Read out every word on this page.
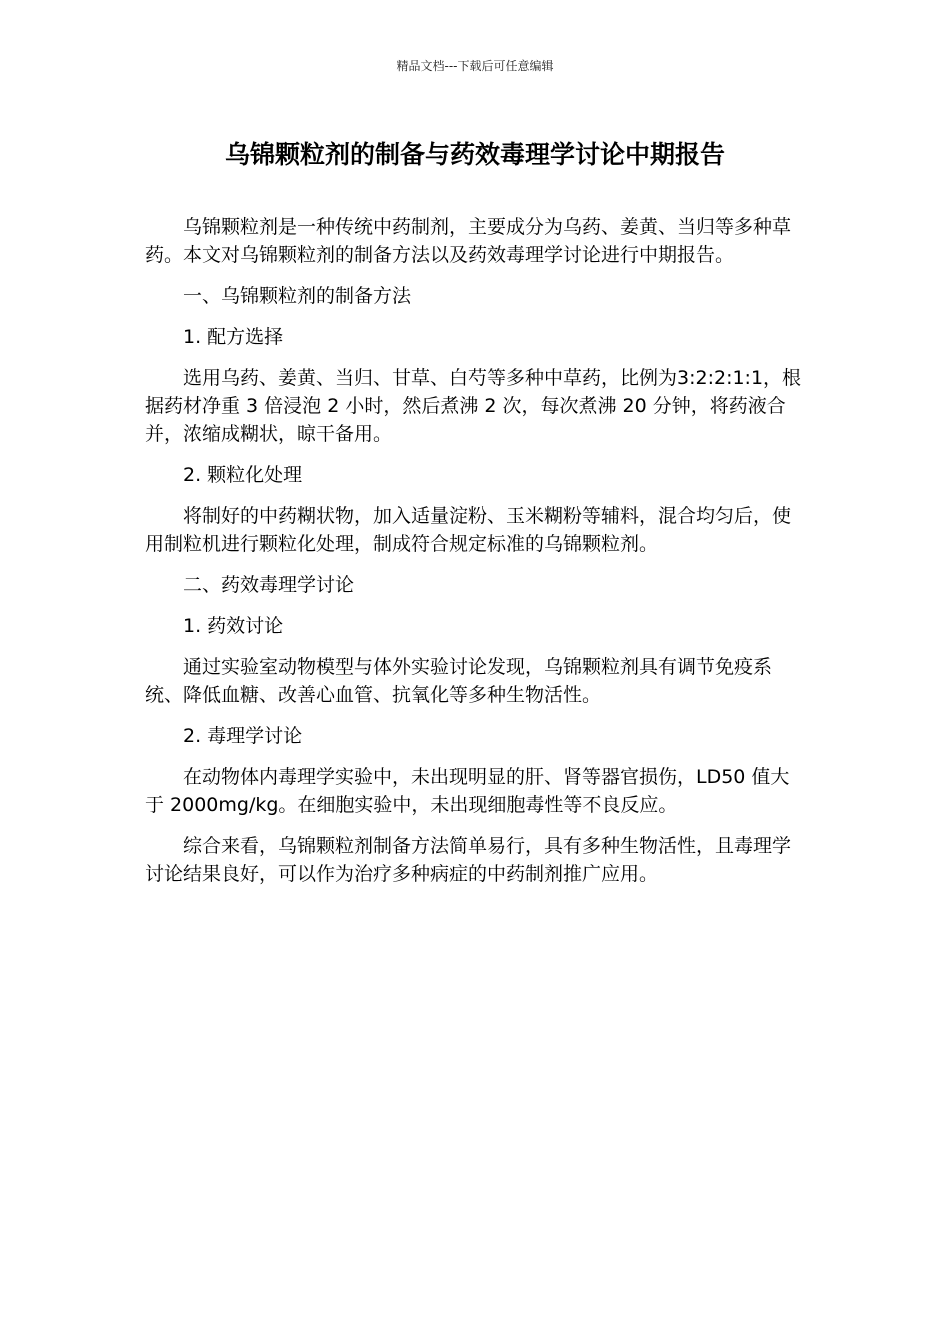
精品文档---下载后可任意编辑
乌锦颗粒剂的制备与药效毒理学讨论中期报告

乌锦颗粒剂是一种传统中药制剂，主要成分为乌药、姜黄、当归等多种草药。本文对乌锦颗粒剂的制备方法以及药效毒理学讨论进行中期报告。

一、乌锦颗粒剂的制备方法

1. 配方选择

选用乌药、姜黄、当归、甘草、白芍等多种中草药，比例为3:2:2:1:1，根据药材净重 3 倍浸泡 2 小时，然后煮沸 2 次，每次煮沸 20 分钟，将药液合并，浓缩成糊状，晾干备用。

2. 颗粒化处理

将制好的中药糊状物，加入适量淀粉、玉米糊粉等辅料，混合均匀后，使用制粒机进行颗粒化处理，制成符合规定标准的乌锦颗粒剂。

二、药效毒理学讨论

1. 药效讨论

通过实验室动物模型与体外实验讨论发现，乌锦颗粒剂具有调节免疫系统、降低血糖、改善心血管、抗氧化等多种生物活性。

2. 毒理学讨论

在动物体内毒理学实验中，未出现明显的肝、肾等器官损伤，LD50 值大于 2000mg/kg。在细胞实验中，未出现细胞毒性等不良反应。

综合来看，乌锦颗粒剂制备方法简单易行，具有多种生物活性，且毒理学讨论结果良好，可以作为治疗多种病症的中药制剂推广应用。
